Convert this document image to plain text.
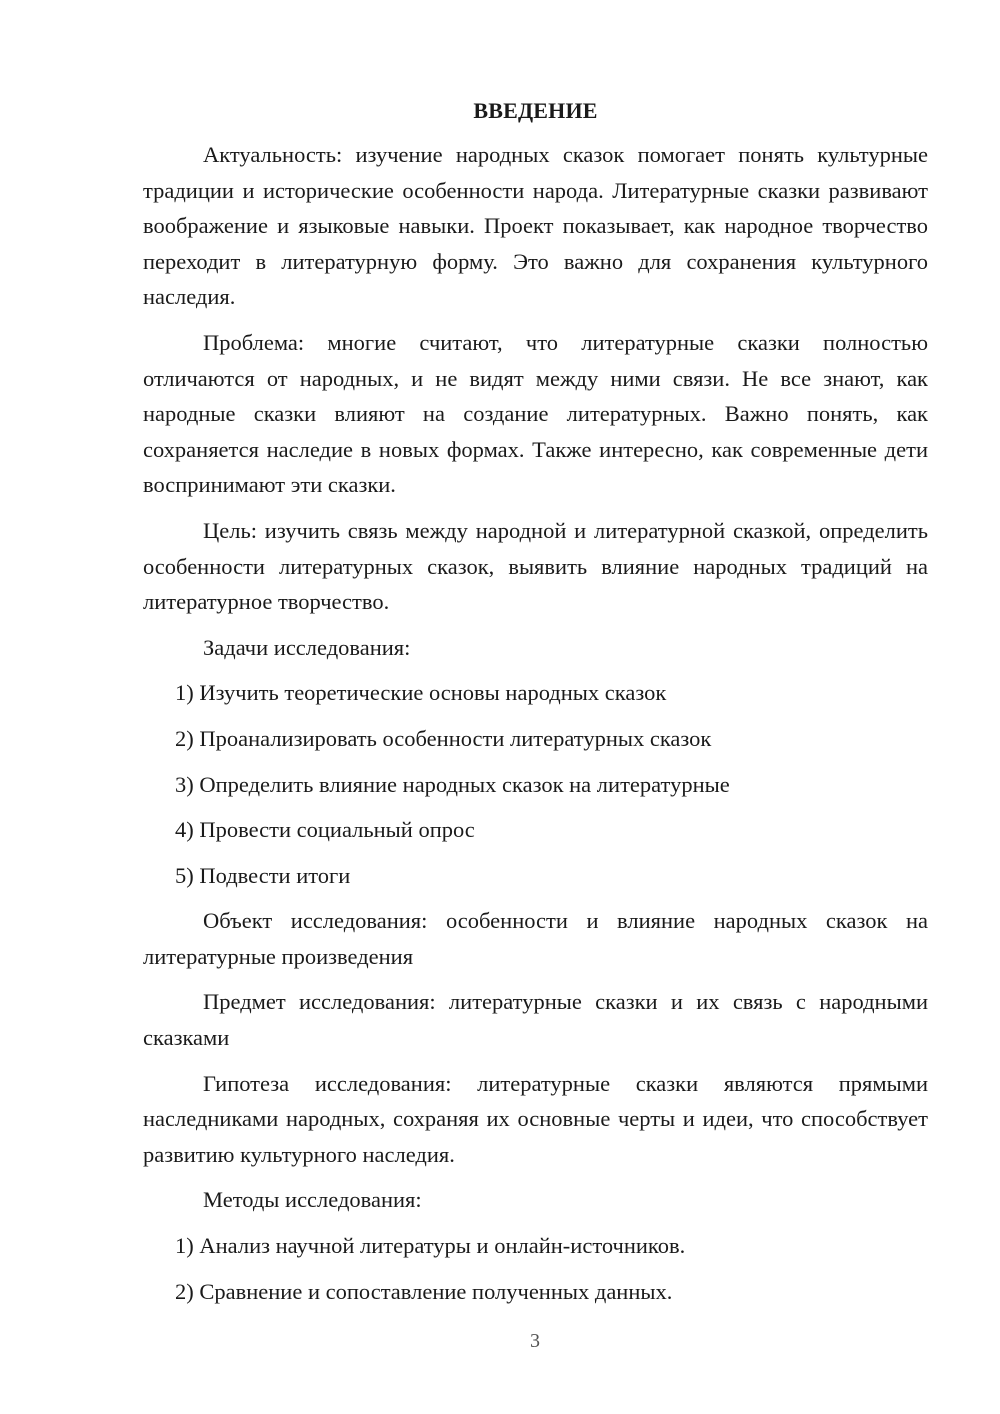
ВВЕДЕНИЕ

Актуальность: изучение народных сказок помогает понять культурные традиции и исторические особенности народа. Литературные сказки развивают воображение и языковые навыки. Проект показывает, как народное творчество переходит в литературную форму. Это важно для сохранения культурного наследия.

Проблема: многие считают, что литературные сказки полностью отличаются от народных, и не видят между ними связи. Не все знают, как народные сказки влияют на создание литературных. Важно понять, как сохраняется наследие в новых формах. Также интересно, как современные дети воспринимают эти сказки.

Цель: изучить связь между народной и литературной сказкой, определить особенности литературных сказок, выявить влияние народных традиций на литературное творчество.

Задачи исследования:

1) Изучить теоретические основы народных сказок
2) Проанализировать особенности литературных сказок
3) Определить влияние народных сказок на литературные
4) Провести социальный опрос
5) Подвести итоги

Объект исследования: особенности и влияние народных сказок на литературные произведения

Предмет исследования: литературные сказки и их связь с народными сказками

Гипотеза исследования: литературные сказки являются прямыми наследниками народных, сохраняя их основные черты и идеи, что способствует развитию культурного наследия.

Методы исследования:

1) Анализ научной литературы и онлайн-источников.
2) Сравнение и сопоставление полученных данных.
3
